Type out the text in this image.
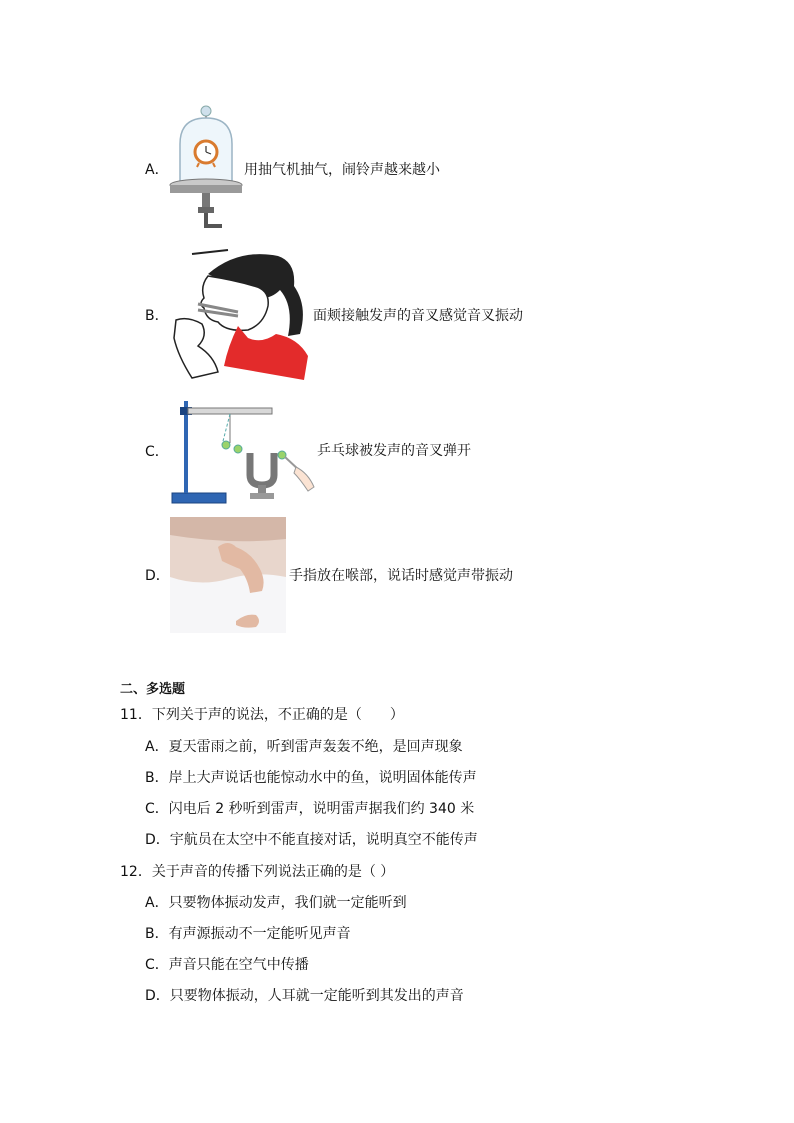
A．	用抽气机抽气，闹铃声越来越小
B．	面颊接触发声的音叉感觉音叉振动
C．	乒乓球被发声的音叉弹开
D．	手指放在喉部，说话时感觉声带振动
二、多选题
11．下列关于声的说法，不正确的是（　　）
A．夏天雷雨之前，听到雷声轰轰不绝，是回声现象
B．岸上大声说话也能惊动水中的鱼，说明固体能传声
C．闪电后 2 秒听到雷声，说明雷声据我们约 340 米
D．宇航员在太空中不能直接对话，说明真空不能传声
12．关于声音的传播下列说法正确的是（ ）
A．只要物体振动发声，我们就一定能听到
B．有声源振动不一定能听见声音
C．声音只能在空气中传播
D．只要物体振动，人耳就一定能听到其发出的声音
